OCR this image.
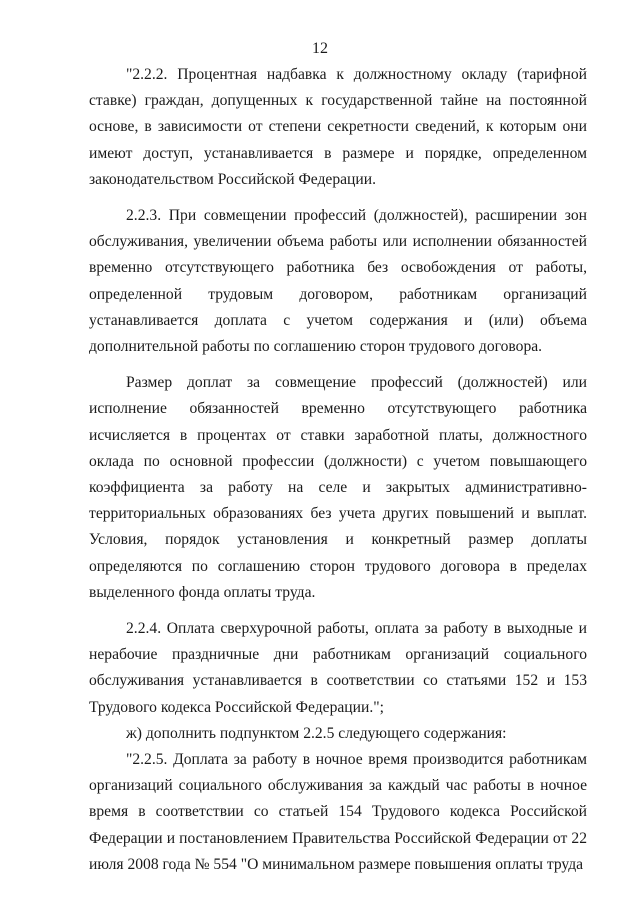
12

"2.2.2. Процентная надбавка к должностному окладу (тарифной ставке) граждан, допущенных к государственной тайне на постоянной основе, в зависимости от степени секретности сведений, к которым они имеют доступ, устанавливается в размере и порядке, определенном законодательством Российской Федерации.

2.2.3. При совмещении профессий (должностей), расширении зон обслуживания, увеличении объема работы или исполнении обязанностей временно отсутствующего работника без освобождения от работы, определенной трудовым договором, работникам организаций устанавливается доплата с учетом содержания и (или) объема дополнительной работы по соглашению сторон трудового договора.

Размер доплат за совмещение профессий (должностей) или исполнение обязанностей временно отсутствующего работника исчисляется в процентах от ставки заработной платы, должностного оклада по основной профессии (должности) с учетом повышающего коэффициента за работу на селе и закрытых административно-территориальных образованиях без учета других повышений и выплат. Условия, порядок установления и конкретный размер доплаты определяются по соглашению сторон трудового договора в пределах выделенного фонда оплаты труда.

2.2.4. Оплата сверхурочной работы, оплата за работу в выходные и нерабочие праздничные дни работникам организаций социального обслуживания устанавливается в соответствии со статьями 152 и 153 Трудового кодекса Российской Федерации.";

ж) дополнить подпунктом 2.2.5 следующего содержания:

"2.2.5. Доплата за работу в ночное время производится работникам организаций социального обслуживания за каждый час работы в ночное время в соответствии со статьей 154 Трудового кодекса Российской Федерации и постановлением Правительства Российской Федерации от 22 июля 2008 года № 554 "О минимальном размере повышения оплаты труда
